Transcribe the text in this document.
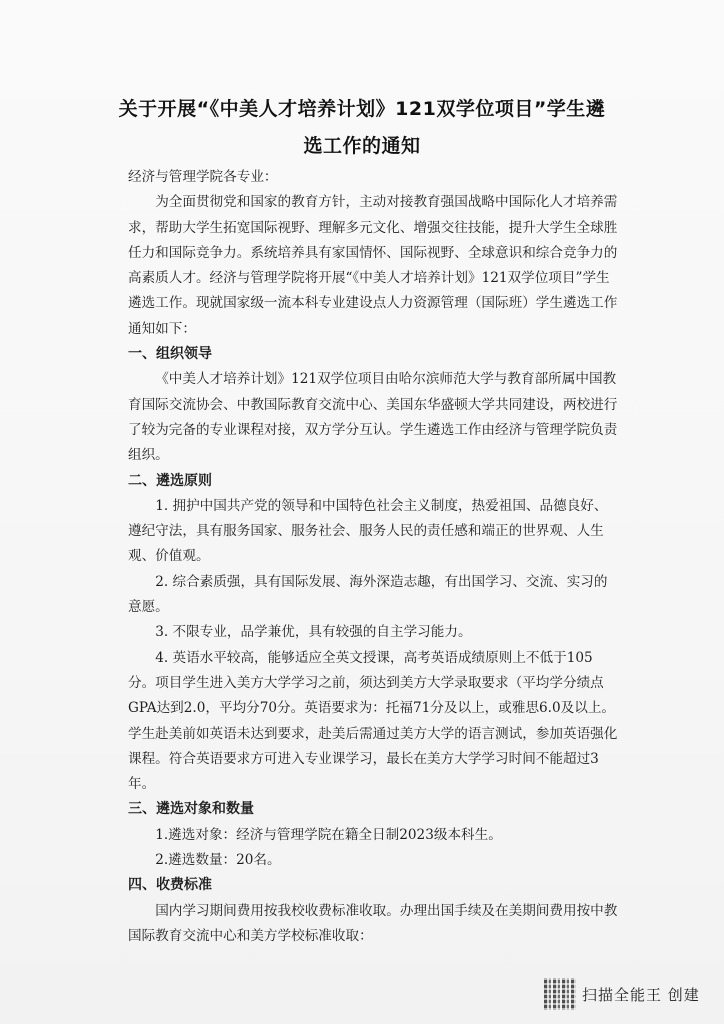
关于开展“《中美人才培养计划》121双学位项目”学生遴
选工作的通知

经济与管理学院各专业：

为全面贯彻党和国家的教育方针，主动对接教育强国战略中国际化人才培养需求，帮助大学生拓宽国际视野、理解多元文化、增强交往技能，提升大学生全球胜任力和国际竞争力。系统培养具有家国情怀、国际视野、全球意识和综合竞争力的高素质人才。经济与管理学院将开展“《中美人才培养计划》121双学位项目”学生遴选工作。现就国家级一流本科专业建设点人力资源管理（国际班）学生遴选工作通知如下：

一、组织领导

《中美人才培养计划》121双学位项目由哈尔滨师范大学与教育部所属中国教育国际交流协会、中教国际教育交流中心、美国东华盛顿大学共同建设，两校进行了较为完备的专业课程对接，双方学分互认。学生遴选工作由经济与管理学院负责组织。

二、遴选原则

1. 拥护中国共产党的领导和中国特色社会主义制度，热爱祖国、品德良好、遵纪守法，具有服务国家、服务社会、服务人民的责任感和端正的世界观、人生观、价值观。

2. 综合素质强，具有国际发展、海外深造志趣，有出国学习、交流、实习的意愿。

3. 不限专业，品学兼优，具有较强的自主学习能力。

4. 英语水平较高，能够适应全英文授课，高考英语成绩原则上不低于105分。项目学生进入美方大学学习之前，须达到美方大学录取要求（平均学分绩点GPA达到2.0，平均分70分。英语要求为：托福71分及以上，或雅思6.0及以上。学生赴美前如英语未达到要求，赴美后需通过美方大学的语言测试，参加英语强化课程。符合英语要求方可进入专业课学习，最长在美方大学学习时间不能超过3年。

三、遴选对象和数量

1.遴选对象：经济与管理学院在籍全日制2023级本科生。

2.遴选数量：20名。

四、收费标准

国内学习期间费用按我校收费标准收取。办理出国手续及在美期间费用按中教国际教育交流中心和美方学校标准收取：

扫描全能王 创建
